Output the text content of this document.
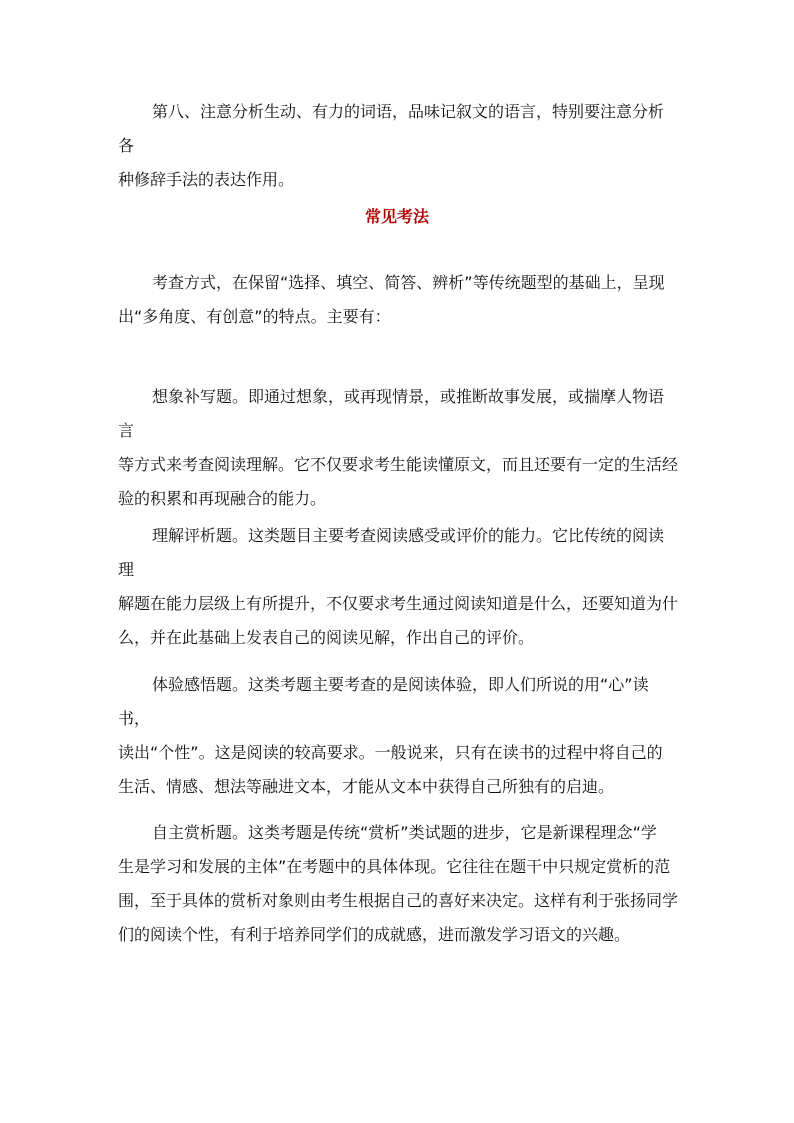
第八、注意分析生动、有力的词语，品味记叙文的语言，特别要注意分析各
种修辞手法的表达作用。

常见考法

考查方式，在保留“选择、填空、简答、辨析”等传统题型的基础上，呈现
出“多角度、有创意”的特点。主要有：

想象补写题。即通过想象，或再现情景，或推断故事发展，或揣摩人物语言
等方式来考查阅读理解。它不仅要求考生能读懂原文，而且还要有一定的生活经
验的积累和再现融合的能力。

理解评析题。这类题目主要考查阅读感受或评价的能力。它比传统的阅读理
解题在能力层级上有所提升，不仅要求考生通过阅读知道是什么，还要知道为什
么，并在此基础上发表自己的阅读见解，作出自己的评价。

体验感悟题。这类考题主要考查的是阅读体验，即人们所说的用“心”读书，
读出“个性”。这是阅读的较高要求。一般说来，只有在读书的过程中将自己的
生活、情感、想法等融进文本，才能从文本中获得自己所独有的启迪。

自主赏析题。这类考题是传统“赏析”类试题的进步，它是新课程理念“学
生是学习和发展的主体”在考题中的具体体现。它往往在题干中只规定赏析的范
围，至于具体的赏析对象则由考生根据自己的喜好来决定。这样有利于张扬同学
们的阅读个性，有利于培养同学们的成就感，进而激发学习语文的兴趣。
